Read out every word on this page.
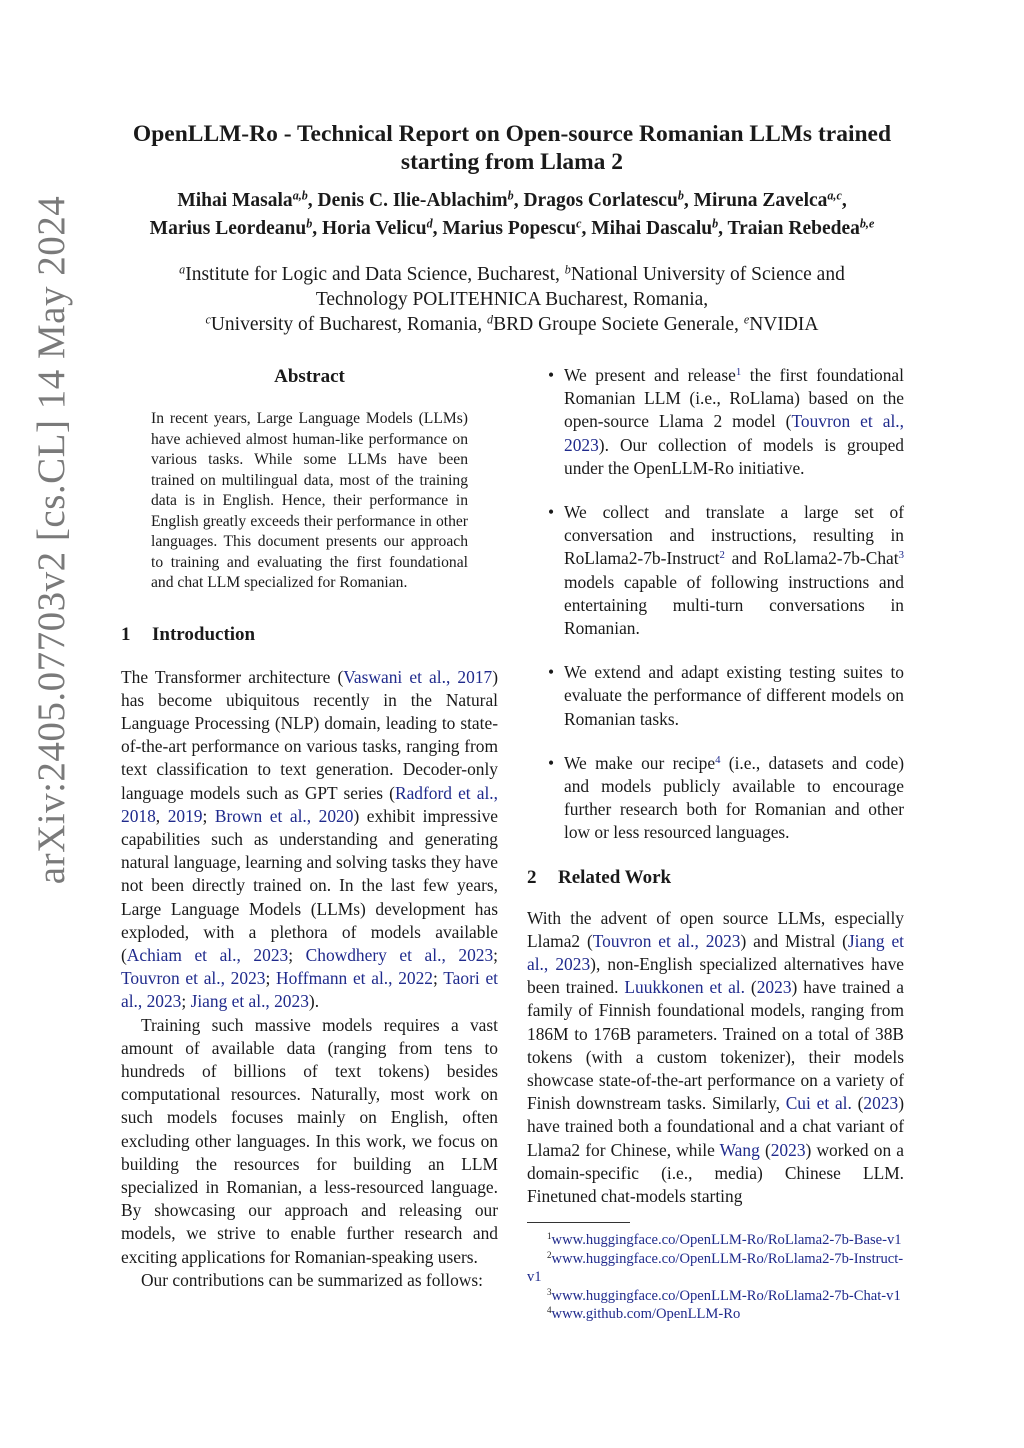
arXiv:2405.07703v2 [cs.CL] 14 May 2024
OpenLLM-Ro - Technical Report on Open-source Romanian LLMs trained
starting from Llama 2
Mihai Masala$^{a,b}$, Denis C. Ilie-Ablachim$^b$, Dragos Corlatescu$^b$, Miruna Zavelca$^{a,c}$,
Marius Leordeanu$^b$, Horia Velicu$^d$, Marius Popescu$^c$, Mihai Dascalu$^b$, Traian Rebedea$^{b,e}$
$^a$Institute for Logic and Data Science, Bucharest, $^b$National University of Science and
Technology POLITEHNICA Bucharest, Romania,
$^c$University of Bucharest, Romania, $^d$BRD Groupe Societe Generale, $^e$NVIDIA
Abstract

In recent years, Large Language Models (LLMs) have achieved almost human-like performance on various tasks. While some LLMs have been trained on multilingual data, most of the training data is in English. Hence, their performance in English greatly exceeds their performance in other languages. This document presents our approach to training and evaluating the first foundational and chat LLM specialized for Romanian.

1 Introduction

The Transformer architecture (Vaswani et al., 2017) has become ubiquitous recently in the Natural Language Processing (NLP) domain, leading to state-of-the-art performance on various tasks, ranging from text classification to text generation. Decoder-only language models such as GPT series (Radford et al., 2018, 2019; Brown et al., 2020) exhibit impressive capabilities such as understanding and generating natural language, learning and solving tasks they have not been directly trained on. In the last few years, Large Language Models (LLMs) development has exploded, with a plethora of models available (Achiam et al., 2023; Chowdhery et al., 2023; Touvron et al., 2023; Hoffmann et al., 2022; Taori et al., 2023; Jiang et al., 2023).

Training such massive models requires a vast amount of available data (ranging from tens to hundreds of billions of text tokens) besides computational resources. Naturally, most work on such models focuses mainly on English, often excluding other languages. In this work, we focus on building the resources for building an LLM specialized in Romanian, a less-resourced language. By showcasing our approach and releasing our models, we strive to enable further research and exciting applications for Romanian-speaking users.

Our contributions can be summarized as follows:

• We present and release$^1$ the first foundational Romanian LLM (i.e., RoLlama) based on the open-source Llama 2 model (Touvron et al., 2023). Our collection of models is grouped under the OpenLLM-Ro initiative.
• We collect and translate a large set of conversation and instructions, resulting in RoLlama2-7b-Instruct$^2$ and RoLlama2-7b-Chat$^3$ models capable of following instructions and entertaining multi-turn conversations in Romanian.
• We extend and adapt existing testing suites to evaluate the performance of different models on Romanian tasks.
• We make our recipe$^4$ (i.e., datasets and code) and models publicly available to encourage further research both for Romanian and other low or less resourced languages.
2 Related Work

With the advent of open source LLMs, especially Llama2 (Touvron et al., 2023) and Mistral (Jiang et al., 2023), non-English specialized alternatives have been trained. Luukkonen et al. (2023) have trained a family of Finnish foundational models, ranging from 186M to 176B parameters. Trained on a total of 38B tokens (with a custom tokenizer), their models showcase state-of-the-art performance on a variety of Finish downstream tasks. Similarly, Cui et al. (2023) have trained both a foundational and a chat variant of Llama2 for Chinese, while Wang (2023) worked on a domain-specific (i.e., media) Chinese LLM. Finetuned chat-models starting

$^1$www.huggingface.co/OpenLLM-Ro/RoLlama2-7b-Base-v1

$^2$www.huggingface.co/OpenLLM-Ro/RoLlama2-7b-Instruct-v1

$^3$www.huggingface.co/OpenLLM-Ro/RoLlama2-7b-Chat-v1

$^4$www.github.com/OpenLLM-Ro
